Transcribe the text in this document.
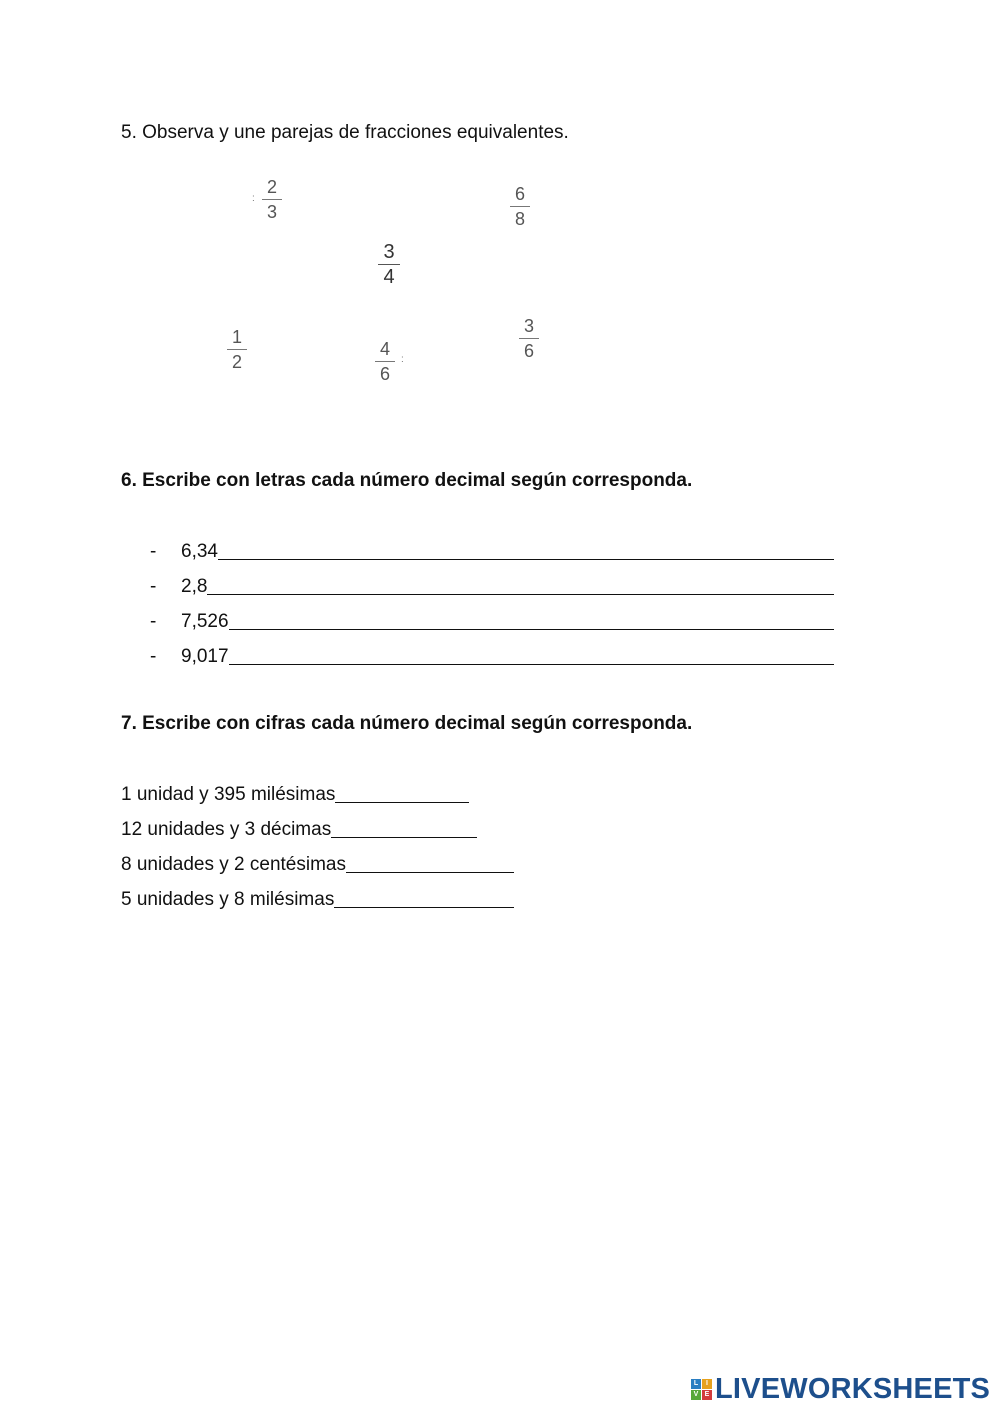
5. Observa y une parejas de fracciones equivalentes.
:
2
3
6
8
3
4
1
2
4
6
:
3
6
6. Escribe con letras cada número decimal según corresponda.
-	6,34
-	2,8
-	7,526
-	9,017
7. Escribe con cifras cada número decimal según corresponda.
1 unidad y 395 milésimas
12 unidades y 3 décimas
8 unidades y 2 centésimas
5 unidades y 8 milésimas
L	I
V E LIVEWORKSHEETS
